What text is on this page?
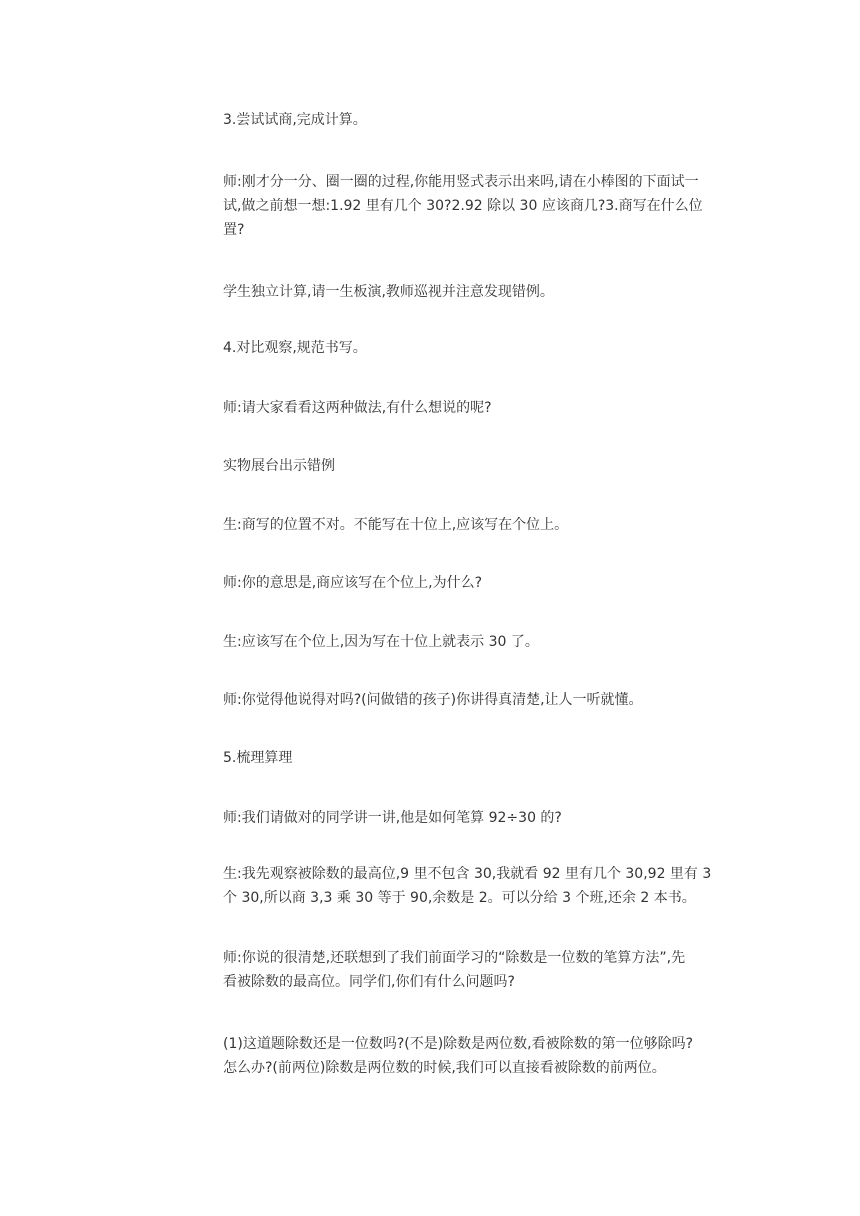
3.尝试试商,完成计算。

师:刚才分一分、圈一圈的过程,你能用竖式表示出来吗,请在小棒图的下面试一

试,做之前想一想:1.92 里有几个 30?2.92 除以 30 应该商几?3.商写在什么位

置?

学生独立计算,请一生板演,教师巡视并注意发现错例。

4.对比观察,规范书写。

师:请大家看看这两种做法,有什么想说的呢?

实物展台出示错例

生:商写的位置不对。不能写在十位上,应该写在个位上。

师:你的意思是,商应该写在个位上,为什么?

生:应该写在个位上,因为写在十位上就表示 30 了。

师:你觉得他说得对吗?(问做错的孩子)你讲得真清楚,让人一听就懂。

5.梳理算理

师:我们请做对的同学讲一讲,他是如何笔算 92÷30 的?

生:我先观察被除数的最高位,9 里不包含 30,我就看 92 里有几个 30,92 里有 3

个 30,所以商 3,3 乘 30 等于 90,余数是 2。可以分给 3 个班,还余 2 本书。

师:你说的很清楚,还联想到了我们前面学习的“除数是一位数的笔算方法”,先

看被除数的最高位。同学们,你们有什么问题吗?

(1)这道题除数还是一位数吗?(不是)除数是两位数,看被除数的第一位够除吗?

怎么办?(前两位)除数是两位数的时候,我们可以直接看被除数的前两位。
